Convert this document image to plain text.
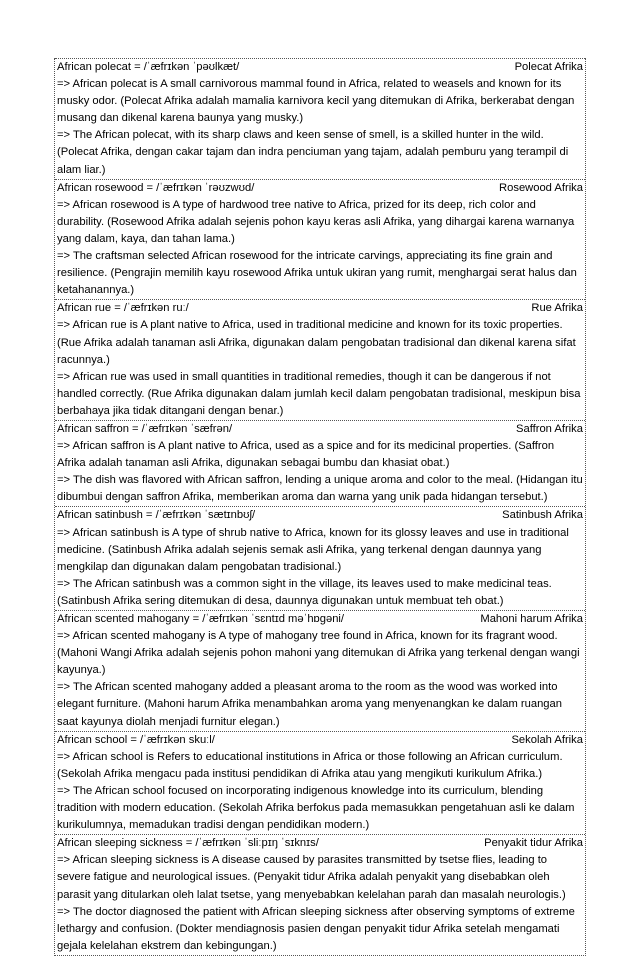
African polecat = /ˈæfrɪkən ˈpəʊlkæt/	Polecat Afrika
=> African polecat is A small carnivorous mammal found in Africa, related to weasels and known for its musky odor. (Polecat Afrika adalah mamalia karnivora kecil yang ditemukan di Afrika, berkerabat dengan musang dan dikenal karena baunya yang musky.)
=> The African polecat, with its sharp claws and keen sense of smell, is a skilled hunter in the wild. (Polecat Afrika, dengan cakar tajam dan indra penciuman yang tajam, adalah pemburu yang terampil di alam liar.)
African rosewood = /ˈæfrɪkən ˈrəʊzwʊd/	Rosewood Afrika
=> African rosewood is A type of hardwood tree native to Africa, prized for its deep, rich color and durability. (Rosewood Afrika adalah sejenis pohon kayu keras asli Afrika, yang dihargai karena warnanya yang dalam, kaya, dan tahan lama.)
=> The craftsman selected African rosewood for the intricate carvings, appreciating its fine grain and resilience. (Pengrajin memilih kayu rosewood Afrika untuk ukiran yang rumit, menghargai serat halus dan ketahanannya.)
African rue = /ˈæfrɪkən ruː/	Rue Afrika
=> African rue is A plant native to Africa, used in traditional medicine and known for its toxic properties. (Rue Afrika adalah tanaman asli Afrika, digunakan dalam pengobatan tradisional dan dikenal karena sifat racunnya.)
=> African rue was used in small quantities in traditional remedies, though it can be dangerous if not handled correctly. (Rue Afrika digunakan dalam jumlah kecil dalam pengobatan tradisional, meskipun bisa berbahaya jika tidak ditangani dengan benar.)
African saffron = /ˈæfrɪkən ˈsæfrən/	Saffron Afrika
=> African saffron is A plant native to Africa, used as a spice and for its medicinal properties. (Saffron Afrika adalah tanaman asli Afrika, digunakan sebagai bumbu dan khasiat obat.)
=> The dish was flavored with African saffron, lending a unique aroma and color to the meal. (Hidangan itu dibumbui dengan saffron Afrika, memberikan aroma dan warna yang unik pada hidangan tersebut.)
African satinbush = /ˈæfrɪkən ˈsætɪnbʊʃ/	Satinbush Afrika
=> African satinbush is A type of shrub native to Africa, known for its glossy leaves and use in traditional medicine. (Satinbush Afrika adalah sejenis semak asli Afrika, yang terkenal dengan daunnya yang mengkilap dan digunakan dalam pengobatan tradisional.)
=> The African satinbush was a common sight in the village, its leaves used to make medicinal teas. (Satinbush Afrika sering ditemukan di desa, daunnya digunakan untuk membuat teh obat.)
African scented mahogany = /ˈæfrɪkən ˈsɛntɪd məˈhɒɡəni/	Mahoni harum Afrika
=> African scented mahogany is A type of mahogany tree found in Africa, known for its fragrant wood. (Mahoni Wangi Afrika adalah sejenis pohon mahoni yang ditemukan di Afrika yang terkenal dengan wangi kayunya.)
=> The African scented mahogany added a pleasant aroma to the room as the wood was worked into elegant furniture. (Mahoni harum Afrika menambahkan aroma yang menyenangkan ke dalam ruangan saat kayunya diolah menjadi furnitur elegan.)
African school = /ˈæfrɪkən skuːl/	Sekolah Afrika
=> African school is Refers to educational institutions in Africa or those following an African curriculum. (Sekolah Afrika mengacu pada institusi pendidikan di Afrika atau yang mengikuti kurikulum Afrika.)
=> The African school focused on incorporating indigenous knowledge into its curriculum, blending tradition with modern education. (Sekolah Afrika berfokus pada memasukkan pengetahuan asli ke dalam kurikulumnya, memadukan tradisi dengan pendidikan modern.)
African sleeping sickness = /ˈæfrɪkən ˈsliːpɪŋ ˈsɪknɪs/	Penyakit tidur Afrika
=> African sleeping sickness is A disease caused by parasites transmitted by tsetse flies, leading to severe fatigue and neurological issues. (Penyakit tidur Afrika adalah penyakit yang disebabkan oleh parasit yang ditularkan oleh lalat tsetse, yang menyebabkan kelelahan parah dan masalah neurologis.)
=> The doctor diagnosed the patient with African sleeping sickness after observing symptoms of extreme lethargy and confusion. (Dokter mendiagnosis pasien dengan penyakit tidur Afrika setelah mengamati gejala kelelahan ekstrem dan kebingungan.)
